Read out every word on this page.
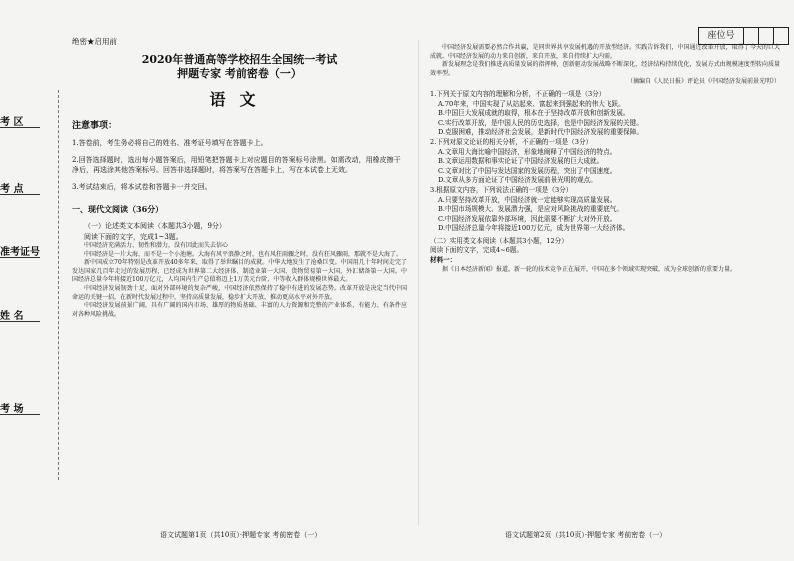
座位号
考 区
考 点
准考证号
姓 名
考 场
绝密★启用前
2020年普通高等学校招生全国统一考试
押题专家 考前密卷（一）
语文
注意事项：

1.答卷前，考生务必将自己的姓名、准考证号填写在答题卡上。

2.回答选择题时，选出每小题答案后，用铅笔把答题卡上对应题目的答案标号涂黑。如需改动，用橡皮擦干净后，再选涂其他答案标号。回答非选择题时，将答案写在答题卡上，写在本试卷上无效。

3.考试结束后，将本试卷和答题卡一并交回。

一、现代文阅读（36分）
（一）论述类文本阅读（本题共3小题，9分）
阅读下面的文字，完成1~3题。

中国经济充满活力、韧性和潜力，没有因此而失去信心

中国经济是一片大海，而不是一个小池塘。大海有风平浪静之时，也有风狂雨骤之时，没有狂风骤雨，那就不是大海了。

新中国成立70年特别是改革开放40多年来，取得了举世瞩目的成就。中华大地发生了沧桑巨变。中国用几十年时间走完了发达国家几百年走过的发展历程，已经成为世界第二大经济体、制造业第一大国、货物贸易第一大国、外汇储备第一大国。中国经济总量今年将接近100万亿元，人均国内生产总值将迈上1万美元台阶，中等收入群体规模世界最大。

中国经济发展韧劲十足，面对外部环境的复杂严峻，中国经济依然保持了稳中有进的发展态势。改革开放是决定当代中国命运的关键一招，在新时代发展过程中，坚持高质量发展，稳步扩大开放，推动更高水平对外开放。

中国经济发展前景广阔，具有广阔的国内市场、雄厚的物质基础、丰富的人力资源和完整的产业体系，有能力、有条件应对各种风险挑战。

中国经济发展需要必然合作共赢，是同世界共享发展机遇的开放型经济。实践告诉我们，中国通过改革开放，取得了今天的巨大成就。中国经济发展的动力来自创新，来自开放，来自持续扩大内需。

新发展理念是我们推进高质量发展的指挥棒，创新驱动发展战略不断深化，经济结构持续优化，发展方式由规模速度型转向质量效率型。

（摘编自《人民日报》评论员《中国经济发展前景光明》）

1.下列关于原文内容的理解和分析，不正确的一项是（3分）

A.70年来，中国实现了从站起来、富起来到强起来的伟大飞跃。

B.中国巨大发展成就的取得，根本在于坚持改革开放和创新发展。

C.实行改革开放，是中国人民的历史选择，也是中国经济发展的关键。

D.克服困难，推动经济社会发展，是新时代中国经济发展的重要保障。

2.下列对原文论证的相关分析，不正确的一项是（3分）

A.文章用大海比喻中国经济，形象地阐释了中国经济的特点。

B.文章运用数据和事实论证了中国经济发展的巨大成就。

C.文章对比了中国与发达国家的发展历程，突出了中国速度。

D.文章从多方面论证了中国经济发展前景光明的观点。

3.根据原文内容，下列说法正确的一项是（3分）

A.只要坚持改革开放，中国经济就一定能够实现高质量发展。

B.中国市场规模大、发展潜力强，是应对风险挑战的重要底气。

C.中国经济发展依靠外部环境，因此需要不断扩大对外开放。

D.中国经济总量今年将接近100万亿元，成为世界第一大经济体。

（二）实用类文本阅读（本题共3小题，12分）

阅读下面的文字，完成4~6题。

材料一：

据《日本经济新闻》报道，新一轮的技术竞争正在展开，中国在多个领域实现突破，成为全球创新的重要力量。

语文试题第1页（共10页）·押题专家 考前密卷（一）	语文试题第2页（共10页）·押题专家 考前密卷（一）
